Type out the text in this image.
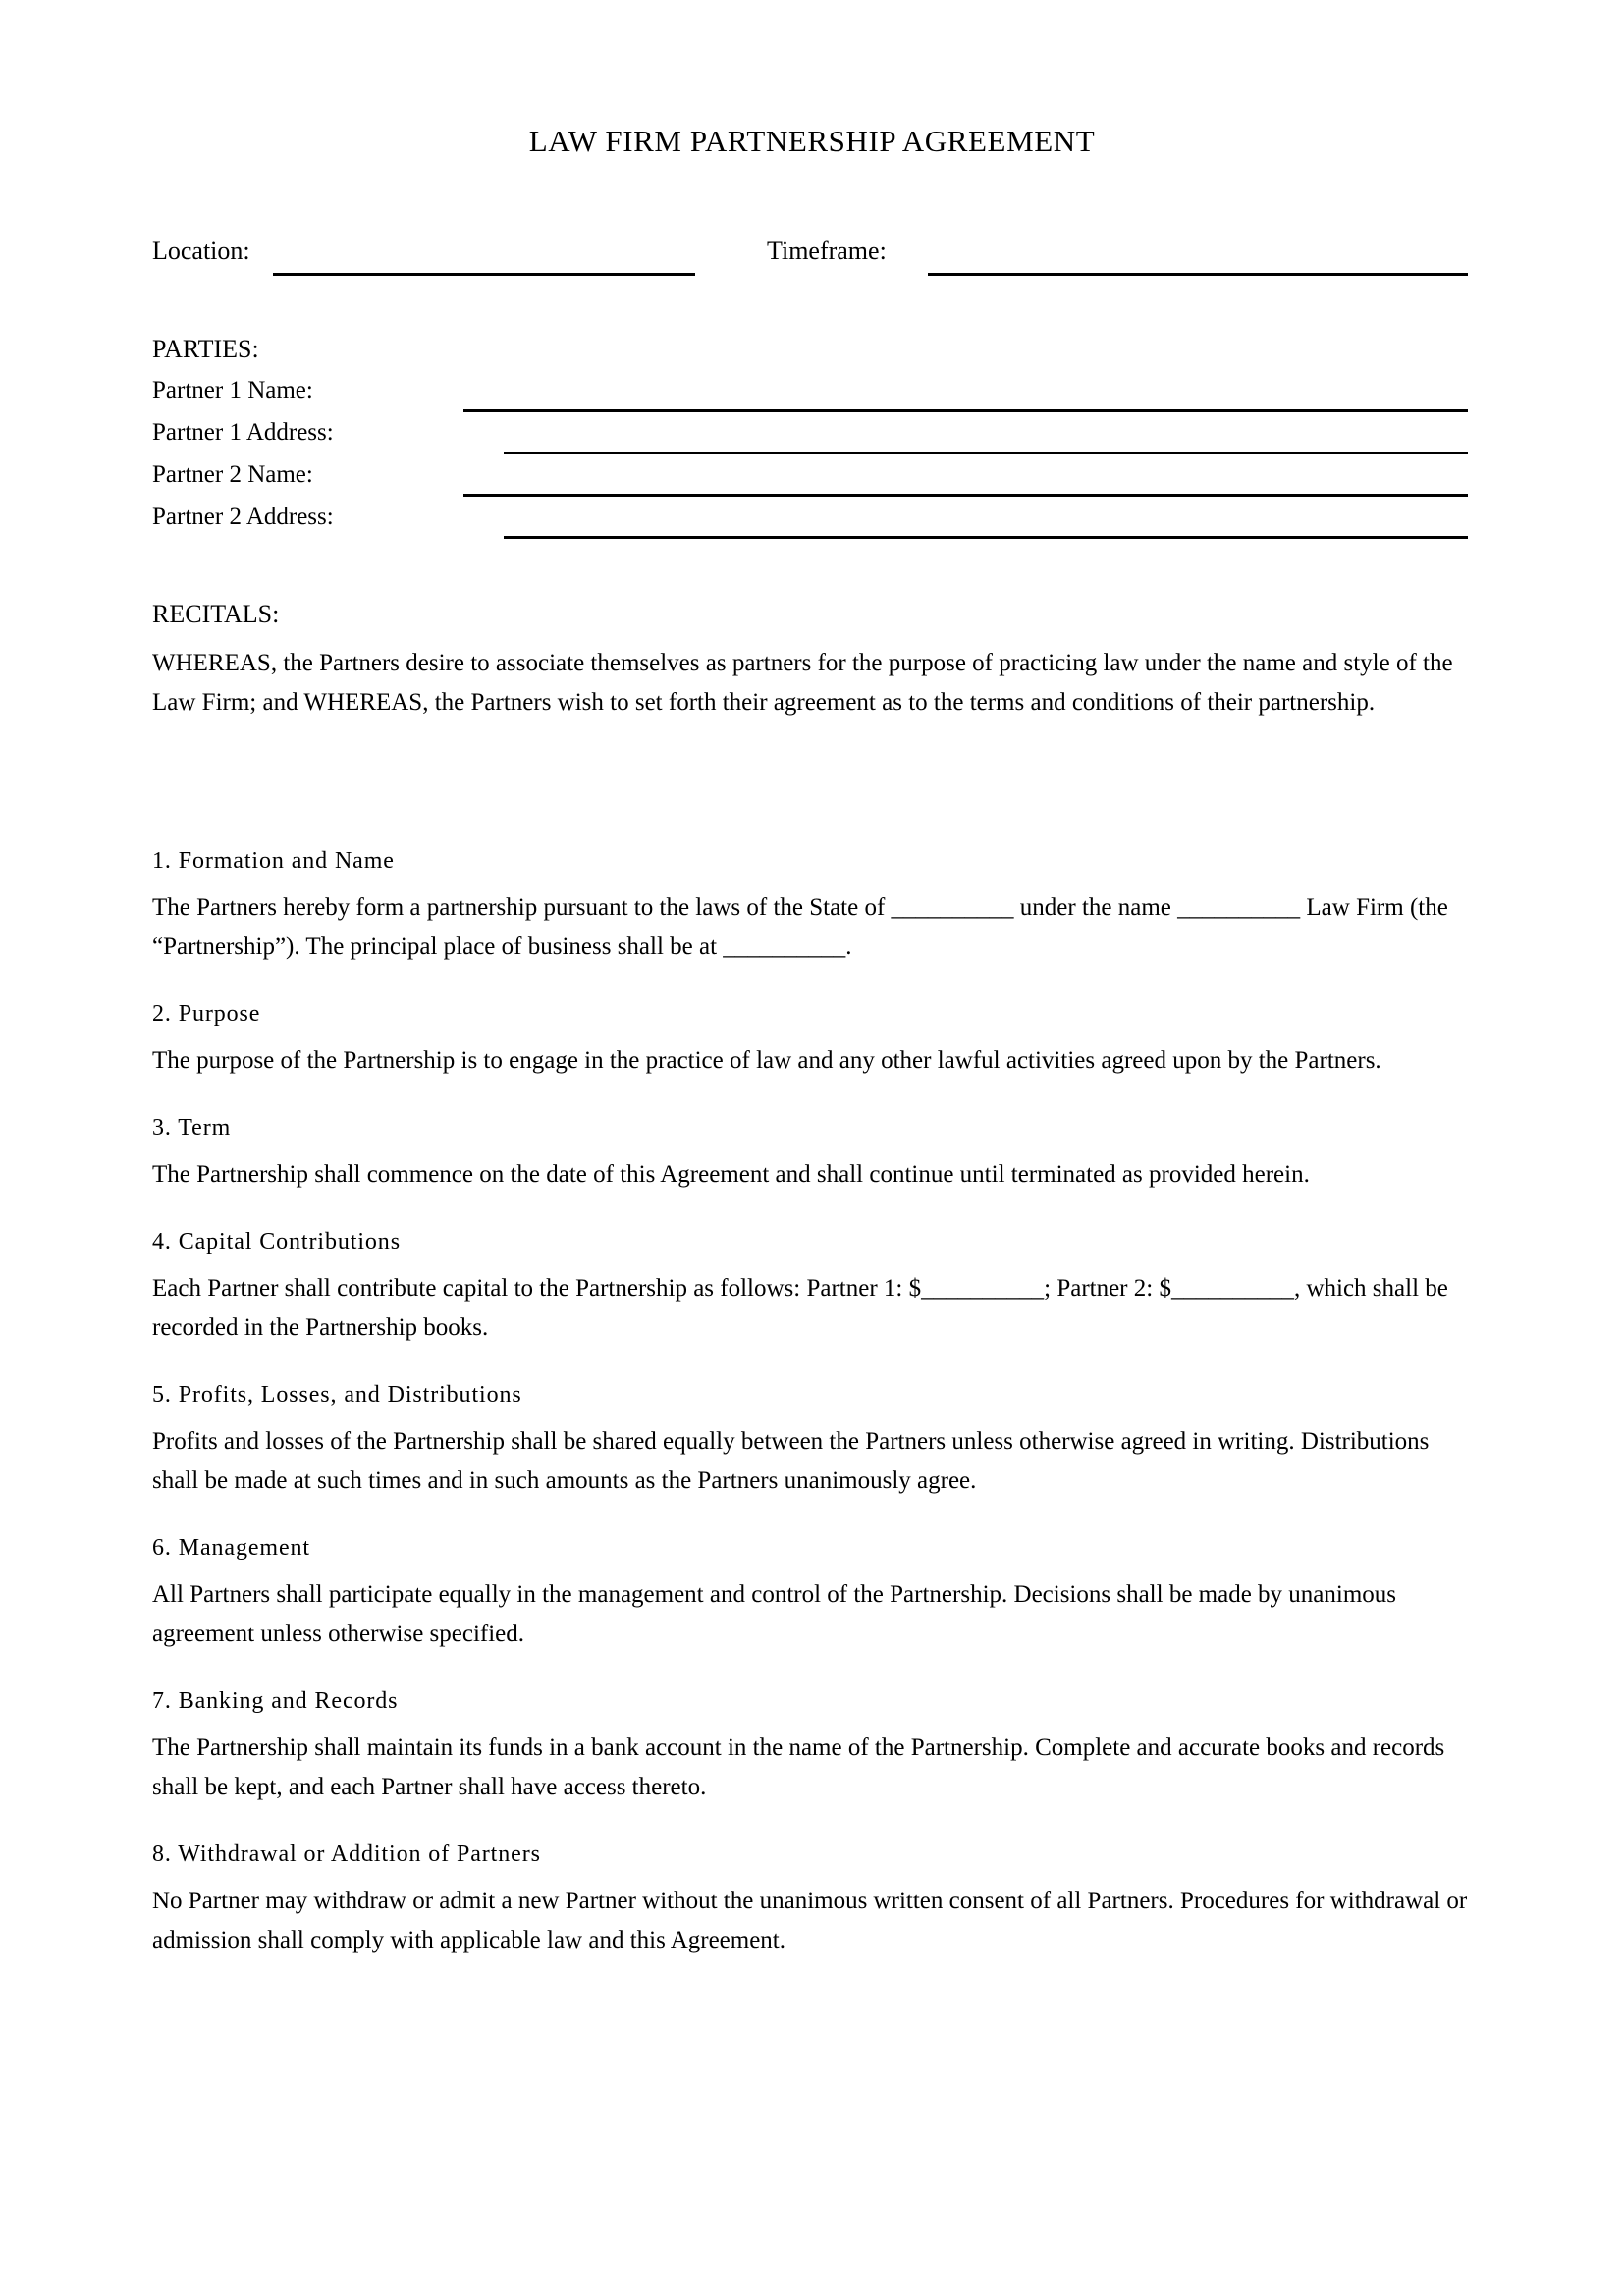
LAW FIRM PARTNERSHIP AGREEMENT
Location:	Timeframe:
PARTIES:
Partner 1 Name:
Partner 1 Address:
Partner 2 Name:
Partner 2 Address:
RECITALS:
WHEREAS, the Partners desire to associate themselves as partners for the purpose of practicing law under the name and style of the Law Firm; and WHEREAS, the Partners wish to set forth their agreement as to the terms and conditions of their partnership.
1. Formation and Name
The Partners hereby form a partnership pursuant to the laws of the State of __________ under the name __________ Law Firm (the “Partnership”). The principal place of business shall be at __________.
2. Purpose
The purpose of the Partnership is to engage in the practice of law and any other lawful activities agreed upon by the Partners.
3. Term
The Partnership shall commence on the date of this Agreement and shall continue until terminated as provided herein.
4. Capital Contributions
Each Partner shall contribute capital to the Partnership as follows: Partner 1: $__________; Partner 2: $__________, which shall be recorded in the Partnership books.
5. Profits, Losses, and Distributions
Profits and losses of the Partnership shall be shared equally between the Partners unless otherwise agreed in writing. Distributions shall be made at such times and in such amounts as the Partners unanimously agree.
6. Management
All Partners shall participate equally in the management and control of the Partnership. Decisions shall be made by unanimous agreement unless otherwise specified.
7. Banking and Records
The Partnership shall maintain its funds in a bank account in the name of the Partnership. Complete and accurate books and records shall be kept, and each Partner shall have access thereto.
8. Withdrawal or Addition of Partners
No Partner may withdraw or admit a new Partner without the unanimous written consent of all Partners. Procedures for withdrawal or admission shall comply with applicable law and this Agreement.
